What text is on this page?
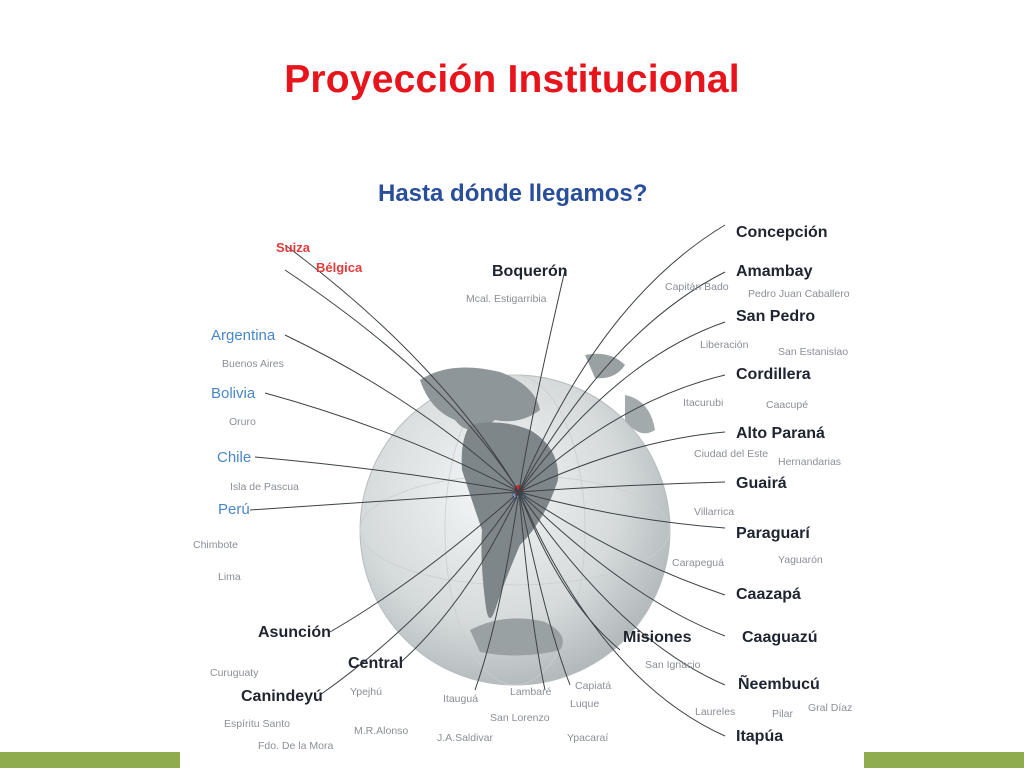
Proyección Institucional
Hasta dónde llegamos?
Suiza
Bélgica
Argentina
Buenos Aires
Bolivia
Oruro
Chile
Isla de Pascua
Perú
Chimbote
Lima
Concepción
Amambay
Capitán Bado
Pedro Juan Caballero
San Pedro
Liberación
San Estanislao
Cordillera
Itacurubi	Caacupé
Alto Paraná
Ciudad del Este
Hernandarias
Guairá
Villarrica
Paraguarí
Carapeguá	Yaguarón
Caazapá
Caaguazú
Ñeembucú
Pilar Gral Díaz
Itapúa
Boquerón
Mcal. Estigarribia
Asunción
Curuguaty
Canindeyú
Espíritu Santo
Fdo. De la Mora
Central
Ypejhú
M.R.Alonso
Itauguá
J.A.Saldivar
Lambaré
San Lorenzo
Capiatá
Luque
Ypacaraí
Misiones
San Ignacio
Laureles
